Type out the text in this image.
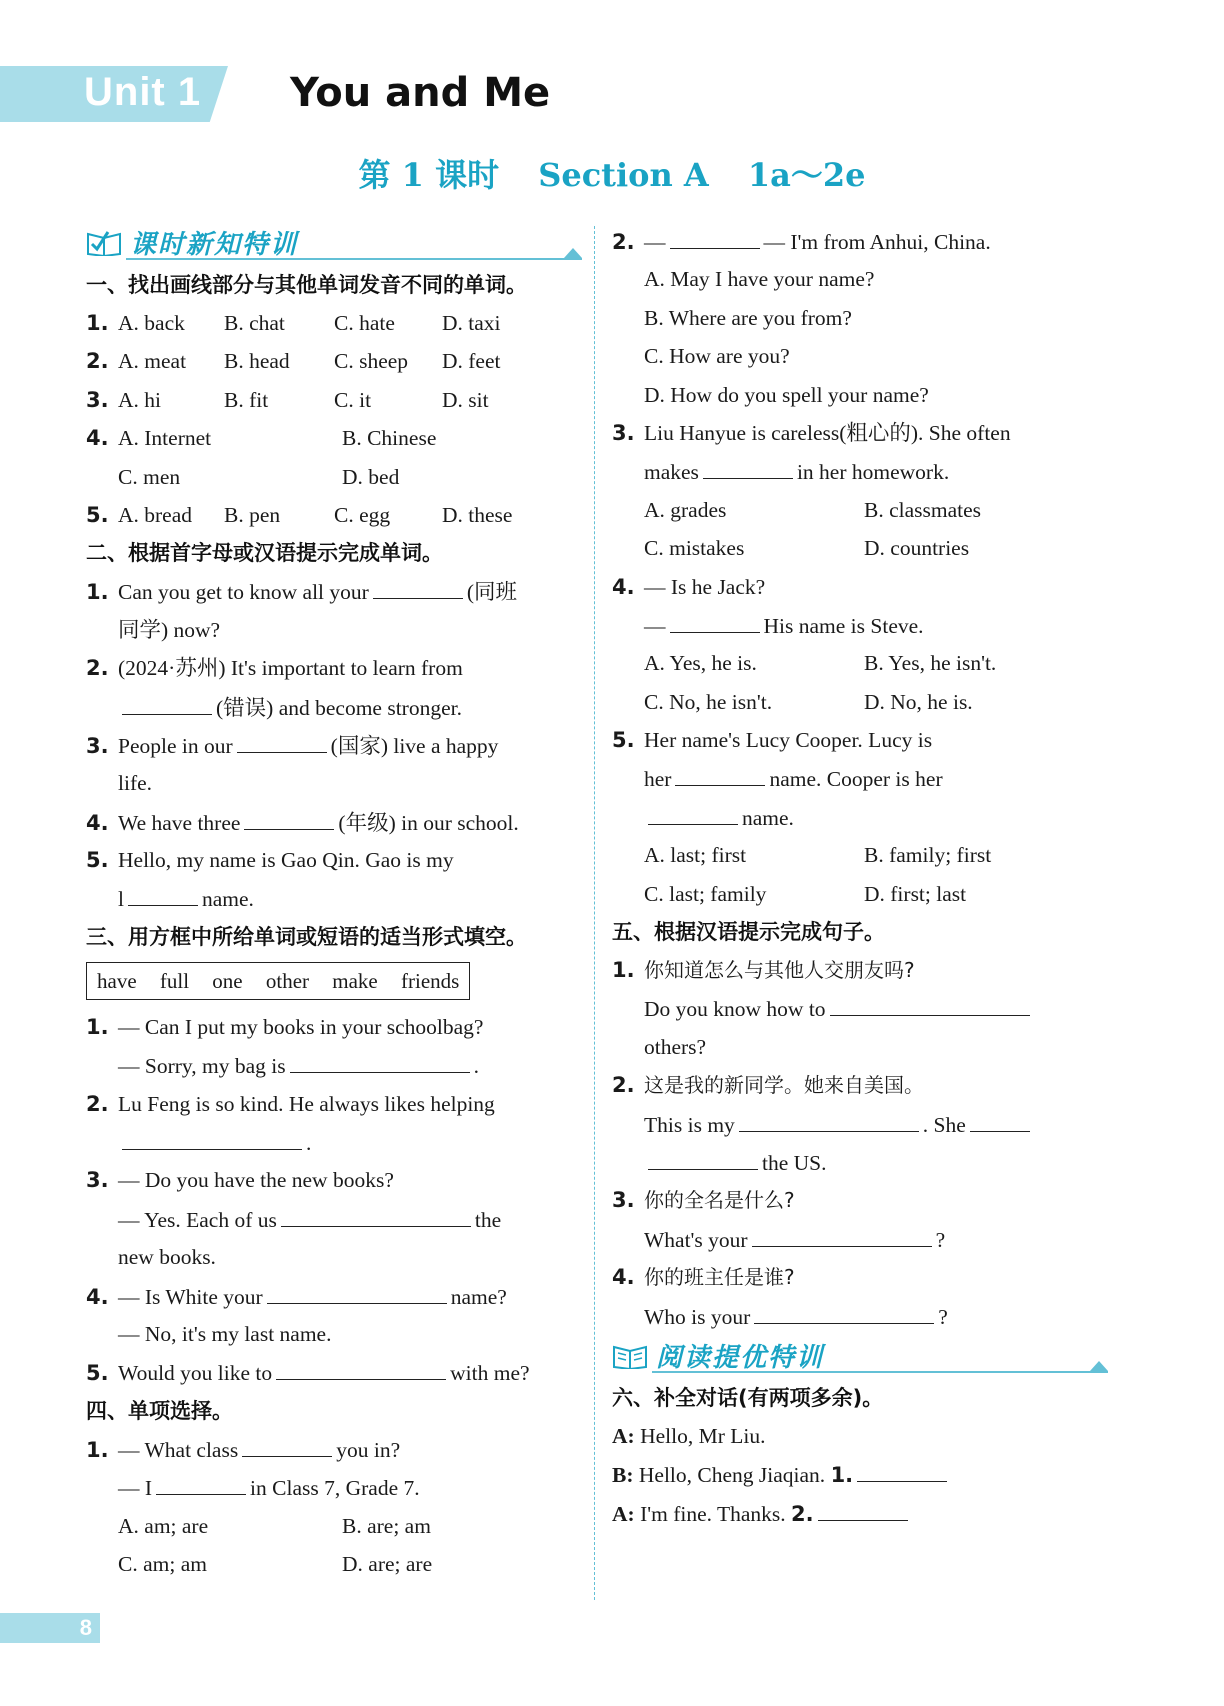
Unit 1 You and Me
第 1 课时 Section A 1a～2e
课时新知特训
一、找出画线部分与其他单词发音不同的单词。
1. A. back B. chat C. hate D. taxi
2. A. meat B. head C. sheep D. feet
3. A. hi	B. fit	C. it	D. sit
4. A. Internet	B. Chinese
C. men	D. bed
5. A. bread B. pen	C. egg D. these
二、根据首字母或汉语提示完成单词。
1. Can you get to know all your	(同班
同学) now?
2. (2024·苏州) It's important to learn from
(错误) and become stronger.
3. People in our	(国家) live a happy
life.
4. We have three	(年级) in our school.
5. Hello, my name is Gao Qin. Gao is my
l	name.
三、用方框中所给单词或短语的适当形式填空。
have full one other make friends
1. — Can I put my books in your schoolbag?
— Sorry, my bag is	.
2. Lu Feng is so kind. He always likes helping
.
3. — Do you have the new books?
— Yes. Each of us	the
new books.
4. — Is White your	name?
— No, it's my last name.
5. Would you like to	with me?
四、单项选择。
1. — What class	you in?
— I	in Class 7, Grade 7.
A. am; are	B. are; am
C. am; am	D. are; are
2. —	— I'm from Anhui, China.
A. May I have your name?
B. Where are you from?
C. How are you?
D. How do you spell your name?
3. Liu Hanyue is careless(粗心的). She often
makes	in her homework.
A. grades	B. classmates
C. mistakes	D. countries
4. — Is he Jack?
—	His name is Steve.
A. Yes, he is.	B. Yes, he isn't.
C. No, he isn't.	D. No, he is.
5. Her name's Lucy Cooper. Lucy is
her	name. Cooper is her
name.
A. last; first	B. family; first
C. last; family	D. first; last
五、根据汉语提示完成句子。
1. 你知道怎么与其他人交朋友吗?
Do you know how to
others?
2. 这是我的新同学。她来自美国。
This is my	. She
the US.
3. 你的全名是什么?
What's your	?
4. 你的班主任是谁?
Who is your	?
阅读提优特训
六、补全对话(有两项多余)。
A: Hello, Mr Liu.
B: Hello, Cheng Jiaqian. 1.
A: I'm fine. Thanks. 2.
8
